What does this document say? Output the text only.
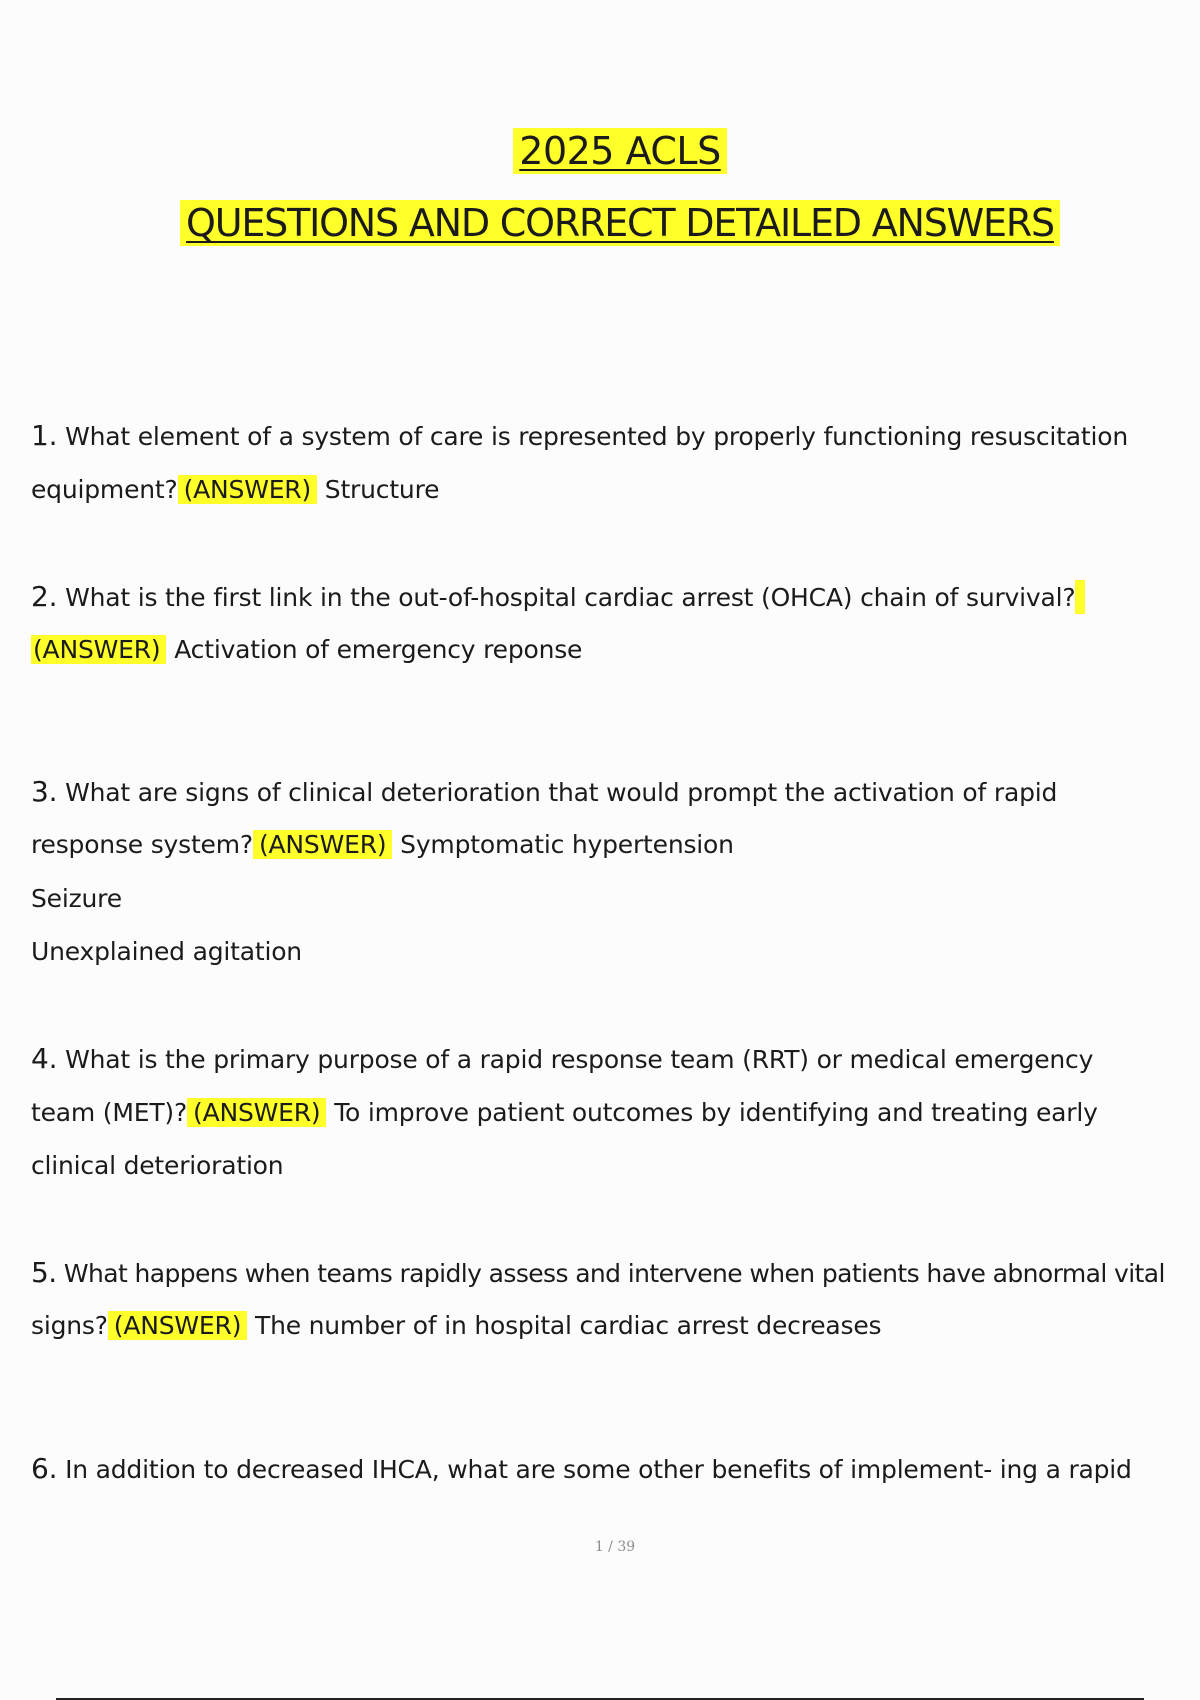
2025 ACLS
QUESTIONS AND CORRECT DETAILED ANSWERS
1. What element of a system of care is represented by properly functioning resuscitation
equipment? (ANSWER) Structure
2. What is the first link in the out-of-hospital cardiac arrest (OHCA) chain of survival?
(ANSWER) Activation of emergency reponse
3. What are signs of clinical deterioration that would prompt the activation of rapid
response system? (ANSWER) Symptomatic hypertension
Seizure
Unexplained agitation
4. What is the primary purpose of a rapid response team (RRT) or medical emergency
team (MET)? (ANSWER) To improve patient outcomes by identifying and treating early
clinical deterioration
5. What happens when teams rapidly assess and intervene when patients have abnormal vital
signs? (ANSWER) The number of in hospital cardiac arrest decreases
6. In addition to decreased IHCA, what are some other benefits of implement- ing a rapid
1 / 39
